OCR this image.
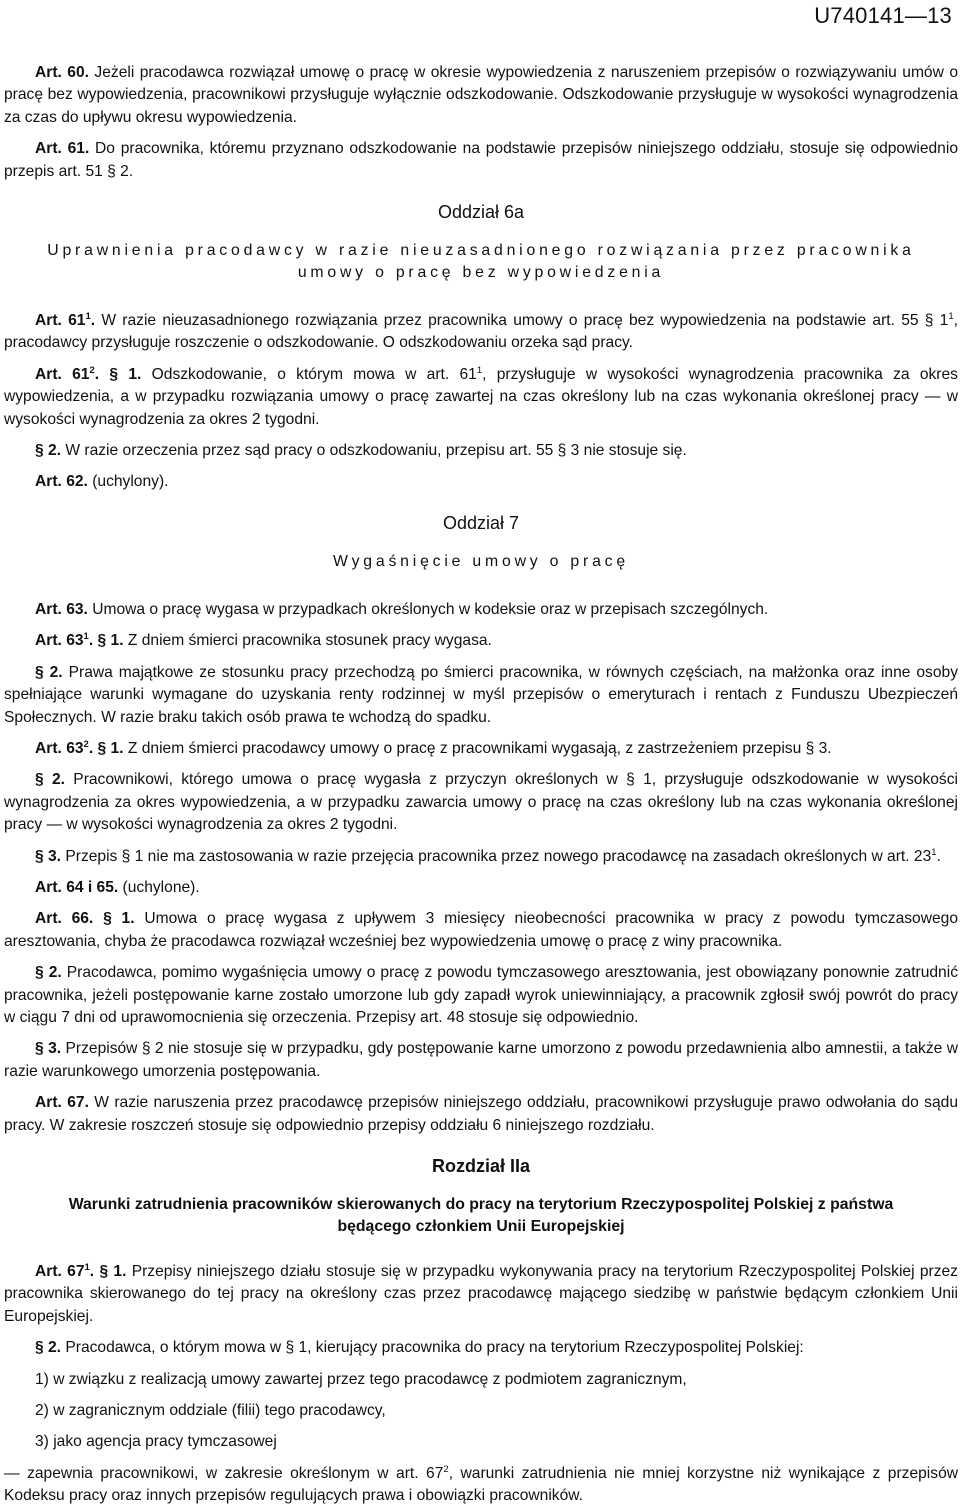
U740141—13

Art. 60. Jeżeli pracodawca rozwiązał umowę o pracę w okresie wypowiedzenia z naruszeniem przepisów o rozwiązywaniu umów o pracę bez wypowiedzenia, pracownikowi przysługuje wyłącznie odszkodowanie. Odszkodowanie przysługuje w wysokości wynagrodzenia za czas do upływu okresu wypowiedzenia.

Art. 61. Do pracownika, któremu przyznano odszkodowanie na podstawie przepisów niniejszego oddziału, stosuje się odpowiednio przepis art. 51 § 2.

Oddział 6a
Uprawnienia pracodawcy w razie nieuzasadnionego rozwiązania przez pracownika umowy o pracę bez wypowiedzenia

Art. $61^1$. W razie nieuzasadnionego rozwiązania przez pracownika umowy o pracę bez wypowiedzenia na podstawie art. 55 § $1^1$, pracodawcy przysługuje roszczenie o odszkodowanie. O odszkodowaniu orzeka sąd pracy.

Art. $61^2$. § 1. Odszkodowanie, o którym mowa w art. $61^1$, przysługuje w wysokości wynagrodzenia pracownika za okres wypowiedzenia, a w przypadku rozwiązania umowy o pracę zawartej na czas określony lub na czas wykonania określonej pracy — w wysokości wynagrodzenia za okres 2 tygodni.

§ 2. W razie orzeczenia przez sąd pracy o odszkodowaniu, przepisu art. 55 § 3 nie stosuje się.

Art. 62. (uchylony).

Oddział 7
Wygaśnięcie umowy o pracę

Art. 63. Umowa o pracę wygasa w przypadkach określonych w kodeksie oraz w przepisach szczególnych.

Art. $63^1$. § 1. Z dniem śmierci pracownika stosunek pracy wygasa.

§ 2. Prawa majątkowe ze stosunku pracy przechodzą po śmierci pracownika, w równych częściach, na małżonka oraz inne osoby spełniające warunki wymagane do uzyskania renty rodzinnej w myśl przepisów o emeryturach i rentach z Funduszu Ubezpieczeń Społecznych. W razie braku takich osób prawa te wchodzą do spadku.

Art. $63^2$. § 1. Z dniem śmierci pracodawcy umowy o pracę z pracownikami wygasają, z zastrzeżeniem przepisu § 3.

§ 2. Pracownikowi, którego umowa o pracę wygasła z przyczyn określonych w § 1, przysługuje odszkodowanie w wysokości wynagrodzenia za okres wypowiedzenia, a w przypadku zawarcia umowy o pracę na czas określony lub na czas wykonania określonej pracy — w wysokości wynagrodzenia za okres 2 tygodni.

§ 3. Przepis § 1 nie ma zastosowania w razie przejęcia pracownika przez nowego pracodawcę na zasadach określonych w art. $23^1$.

Art. 64 i 65. (uchylone).

Art. 66. § 1. Umowa o pracę wygasa z upływem 3 miesięcy nieobecności pracownika w pracy z powodu tymczasowego aresztowania, chyba że pracodawca rozwiązał wcześniej bez wypowiedzenia umowę o pracę z winy pracownika.

§ 2. Pracodawca, pomimo wygaśnięcia umowy o pracę z powodu tymczasowego aresztowania, jest obowiązany ponownie zatrudnić pracownika, jeżeli postępowanie karne zostało umorzone lub gdy zapadł wyrok uniewinniający, a pracownik zgłosił swój powrót do pracy w ciągu 7 dni od uprawomocnienia się orzeczenia. Przepisy art. 48 stosuje się odpowiednio.

§ 3. Przepisów § 2 nie stosuje się w przypadku, gdy postępowanie karne umorzono z powodu przedawnienia albo amnestii, a także w razie warunkowego umorzenia postępowania.

Art. 67. W razie naruszenia przez pracodawcę przepisów niniejszego oddziału, pracownikowi przysługuje prawo odwołania do sądu pracy. W zakresie roszczeń stosuje się odpowiednio przepisy oddziału 6 niniejszego rozdziału.

Rozdział IIa
Warunki zatrudnienia pracowników skierowanych do pracy na terytorium Rzeczypospolitej Polskiej z państwa będącego członkiem Unii Europejskiej

Art. $67^1$. § 1. Przepisy niniejszego działu stosuje się w przypadku wykonywania pracy na terytorium Rzeczypospolitej Polskiej przez pracownika skierowanego do tej pracy na określony czas przez pracodawcę mającego siedzibę w państwie będącym członkiem Unii Europejskiej.

§ 2. Pracodawca, o którym mowa w § 1, kierujący pracownika do pracy na terytorium Rzeczypospolitej Polskiej:

1) w związku z realizacją umowy zawartej przez tego pracodawcę z podmiotem zagranicznym,
2) w zagranicznym oddziale (filii) tego pracodawcy,
3) jako agencja pracy tymczasowej

— zapewnia pracownikowi, w zakresie określonym w art. $67^2$, warunki zatrudnienia nie mniej korzystne niż wynikające z przepisów Kodeksu pracy oraz innych przepisów regulujących prawa i obowiązki pracowników.
